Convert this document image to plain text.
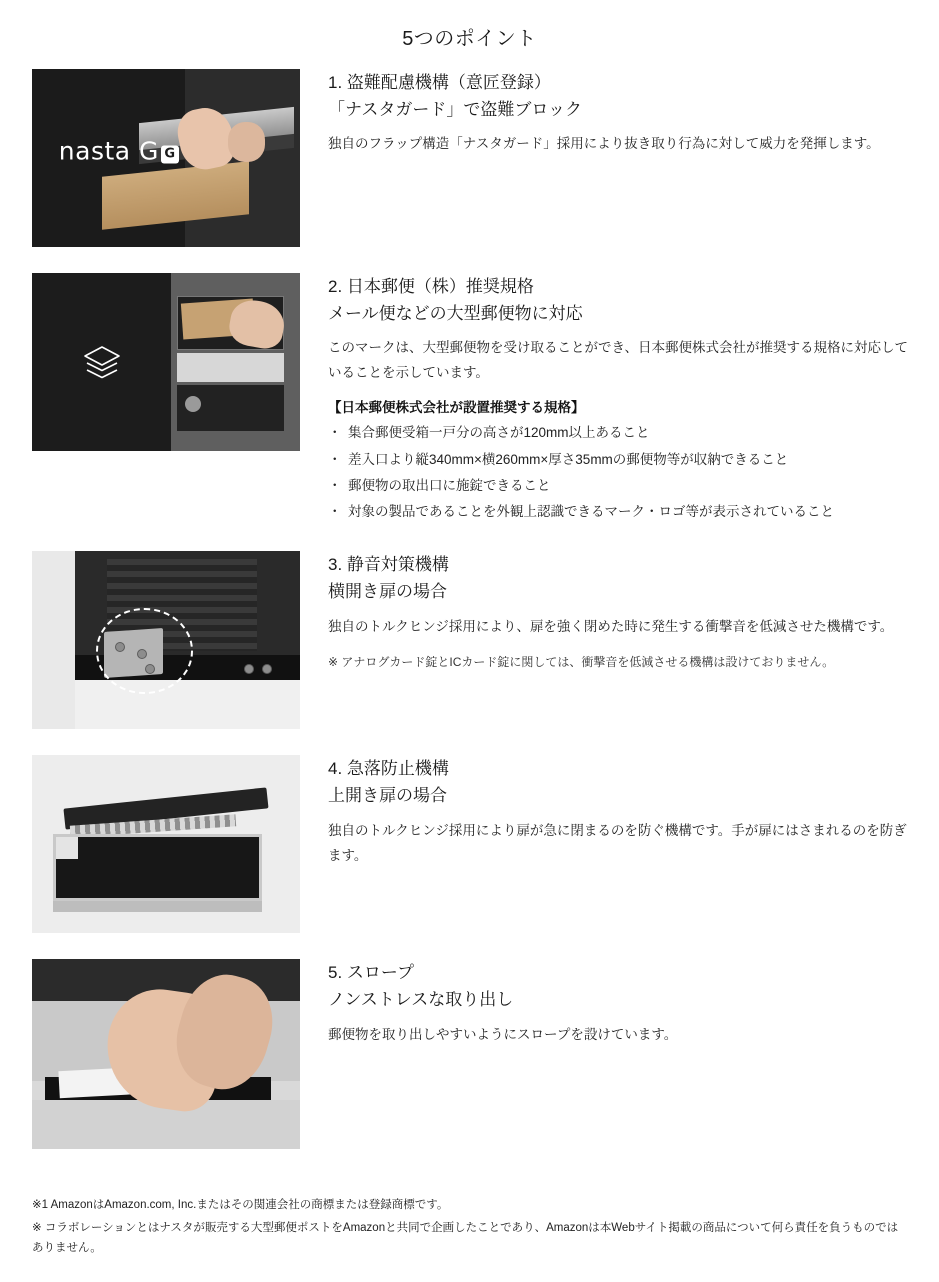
5つのポイント
nasta G G

1. 盗難配慮機構（意匠登録）

「ナスタガード」で盗難ブロック

独自のフラップ構造「ナスタガード」採用により抜き取り行為に対して威力を発揮します。

2. 日本郵便（株）推奨規格

メール便などの大型郵便物に対応

このマークは、大型郵便物を受け取ることができ、日本郵便株式会社が推奨する規格に対応していることを示しています。

【日本郵便株式会社が設置推奨する規格】

・ 集合郵便受箱一戸分の高さが120mm以上あること
・ 差入口より縦340mm×横260mm×厚さ35mmの郵便物等が収納できること
・ 郵便物の取出口に施錠できること
・ 対象の製品であることを外観上認識できるマーク・ロゴ等が表示されていること

3. 静音対策機構

横開き扉の場合

独自のトルクヒンジ採用により、扉を強く閉めた時に発生する衝撃音を低減させた機構です。

※ アナログカード錠とICカード錠に関しては、衝撃音を低減させる機構は設けておりません。

4. 急落防止機構

上開き扉の場合

独自のトルクヒンジ採用により扉が急に閉まるのを防ぐ機構です。手が扉にはさまれるのを防ぎます。

5. スロープ

ノンストレスな取り出し

郵便物を取り出しやすいようにスロープを設けています。

※1 AmazonはAmazon.com, Inc.またはその関連会社の商標または登録商標です。

※ コラボレーションとはナスタが販売する大型郵便ポストをAmazonと共同で企画したことであり、Amazonは本Webサイト掲載の商品について何ら責任を負うものではありません。
